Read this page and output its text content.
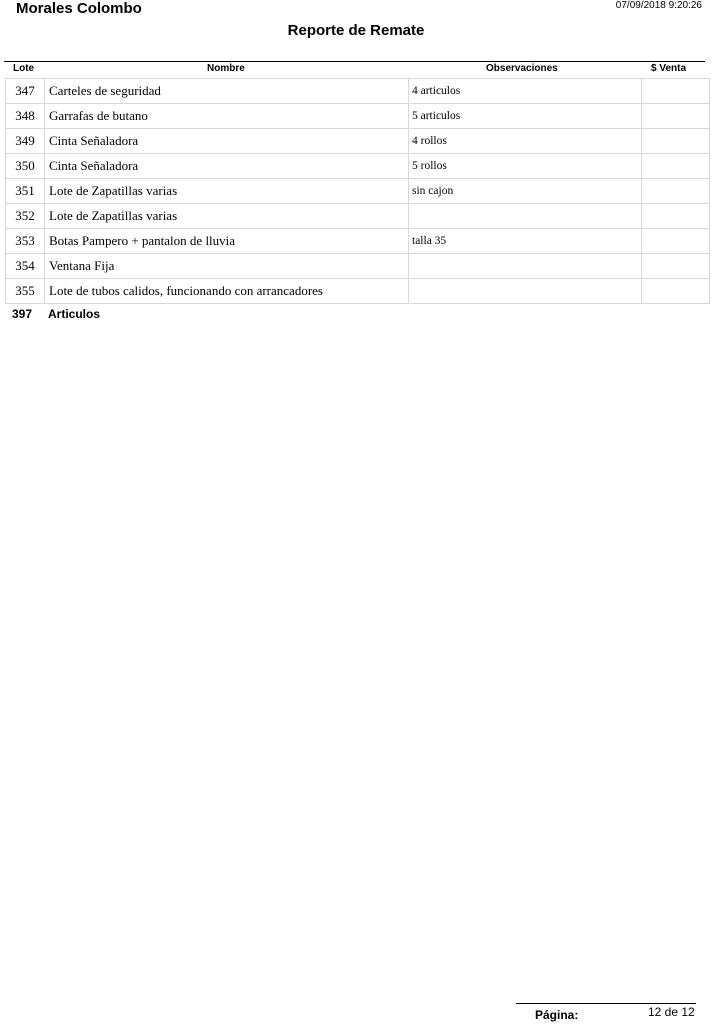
Morales Colombo	07/09/2018 9:20:26
Reporte de Remate
Lote	Nombre	Observaciones	$ Venta
347	Carteles de seguridad	4 articulos	
348	Garrafas de butano	5 articulos	
349	Cinta Señaladora	4 rollos	
350	Cinta Señaladora	5 rollos	
351	Lote de Zapatillas varias	sin cajon	
352	Lote de Zapatillas varias		
353	Botas Pampero + pantalon de lluvia	talla 35	
354	Ventana Fija		
355	Lote de tubos calidos, funcionando con arrancadores		
397 Articulos
Página:	12 de 12
